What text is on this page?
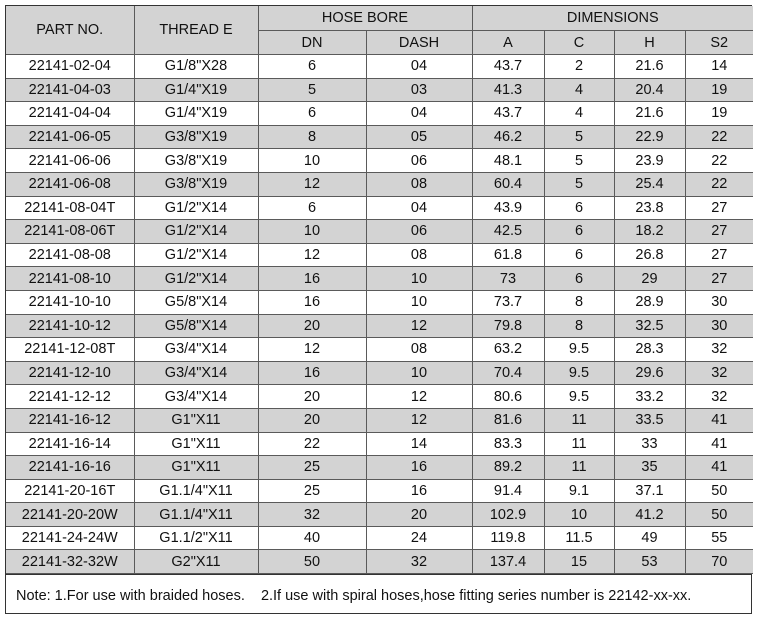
PART NO.	THREAD E	HOSE BORE		DIMENSIONS			
		DN	DASH	A	C	H	S2
22141-02-04	G1/8"X28	6	04	43.7	2	21.6	14
22141-04-03	G1/4"X19	5	03	41.3	4	20.4	19
22141-04-04	G1/4"X19	6	04	43.7	4	21.6	19
22141-06-05	G3/8"X19	8	05	46.2	5	22.9	22
22141-06-06	G3/8"X19	10	06	48.1	5	23.9	22
22141-06-08	G3/8"X19	12	08	60.4	5	25.4	22
22141-08-04T	G1/2"X14	6	04	43.9	6	23.8	27
22141-08-06T	G1/2"X14	10	06	42.5	6	18.2	27
22141-08-08	G1/2"X14	12	08	61.8	6	26.8	27
22141-08-10	G1/2"X14	16	10	73	6	29	27
22141-10-10	G5/8"X14	16	10	73.7	8	28.9	30
22141-10-12	G5/8"X14	20	12	79.8	8	32.5	30
22141-12-08T	G3/4"X14	12	08	63.2	9.5	28.3	32
22141-12-10	G3/4"X14	16	10	70.4	9.5	29.6	32
22141-12-12	G3/4"X14	20	12	80.6	9.5	33.2	32
22141-16-12	G1"X11	20	12	81.6	11	33.5	41
22141-16-14	G1"X11	22	14	83.3	11	33	41
22141-16-16	G1"X11	25	16	89.2	11	35	41
22141-20-16T	G1.1/4"X11	25	16	91.4	9.1	37.1	50
22141-20-20W	G1.1/4"X11	32	20	102.9	10	41.2	50
22141-24-24W	G1.1/2"X11	40	24	119.8	11.5	49	55
22141-32-32W	G2"X11	50	32	137.4	15	53	70
Note: 1.For use with braided hoses. 2.If use with spiral hoses,hose fitting series number is 22142-xx-xx.
